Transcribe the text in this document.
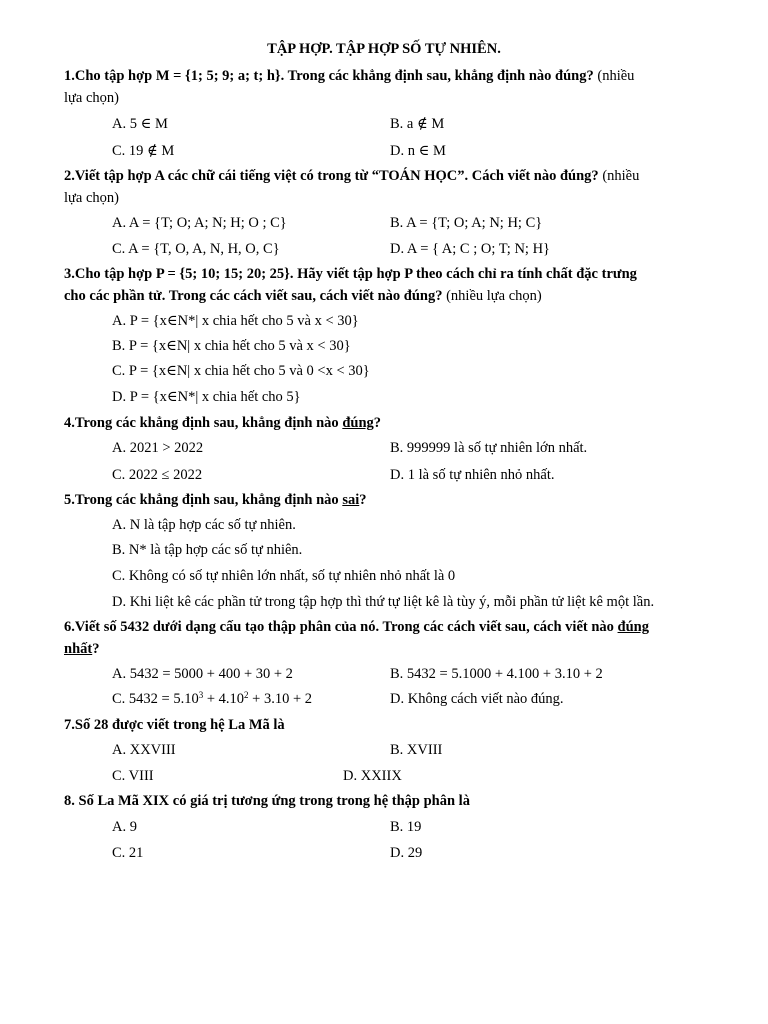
TẬP HỢP. TẬP HỢP SỐ TỰ NHIÊN.
1.Cho tập hợp M = {1; 5; 9; a; t; h}. Trong các khẳng định sau, khẳng định nào đúng? (nhiều
lựa chọn)
A. 5 ∈ M	B. a ∉ M
C. 19 ∉ M	D. n ∈ M
2.Viết tập hợp A các chữ cái tiếng việt có trong từ “TOÁN HỌC”. Cách viết nào đúng? (nhiều
lựa chọn)
A. A = {T; O; A; N; H; O ; C}	B. A = {T; O; A; N; H; C}
C. A = {T, O, A, N, H, O, C}	D. A = { A; C ; O; T; N; H}
3.Cho tập hợp P = {5; 10; 15; 20; 25}. Hãy viết tập hợp P theo cách chỉ ra tính chất đặc trưng
cho các phần tử. Trong các cách viết sau, cách viết nào đúng? (nhiều lựa chọn)
A. P = {x∈N*| x chia hết cho 5 và x < 30}
B. P = {x∈N| x chia hết cho 5 và x < 30}
C. P = {x∈N| x chia hết cho 5 và 0 <x < 30}
D. P = {x∈N*| x chia hết cho 5}
4.Trong các khẳng định sau, khẳng định nào đúng?
A. 2021 > 2022	B. 999999 là số tự nhiên lớn nhất.
C. 2022 ≤ 2022	D. 1 là số tự nhiên nhỏ nhất.
5.Trong các khẳng định sau, khẳng định nào sai?
A. N là tập hợp các số tự nhiên.
B. N* là tập hợp các số tự nhiên.
C. Không có số tự nhiên lớn nhất, số tự nhiên nhỏ nhất là 0
D. Khi liệt kê các phần tử trong tập hợp thì thứ tự liệt kê là tùy ý, mỗi phần tử liệt kê một lần.
6.Viết số 5432 dưới dạng cấu tạo thập phân của nó. Trong các cách viết sau, cách viết nào đúng
nhất?
A. 5432 = 5000 + 400 + 30 + 2	B. 5432 = 5.1000 + 4.100 + 3.10 + 2
C. $5432 = 5.10^3 + 4.10^2 + 3.10 + 2$	D. Không cách viết nào đúng.
7.Số 28 được viết trong hệ La Mã là
A. XXVIII	B. XVIII
C. VIII	D. XXIIX
8. Số La Mã XIX có giá trị tương ứng trong trong hệ thập phân là
A. 9	B. 19
C. 21	D. 29
